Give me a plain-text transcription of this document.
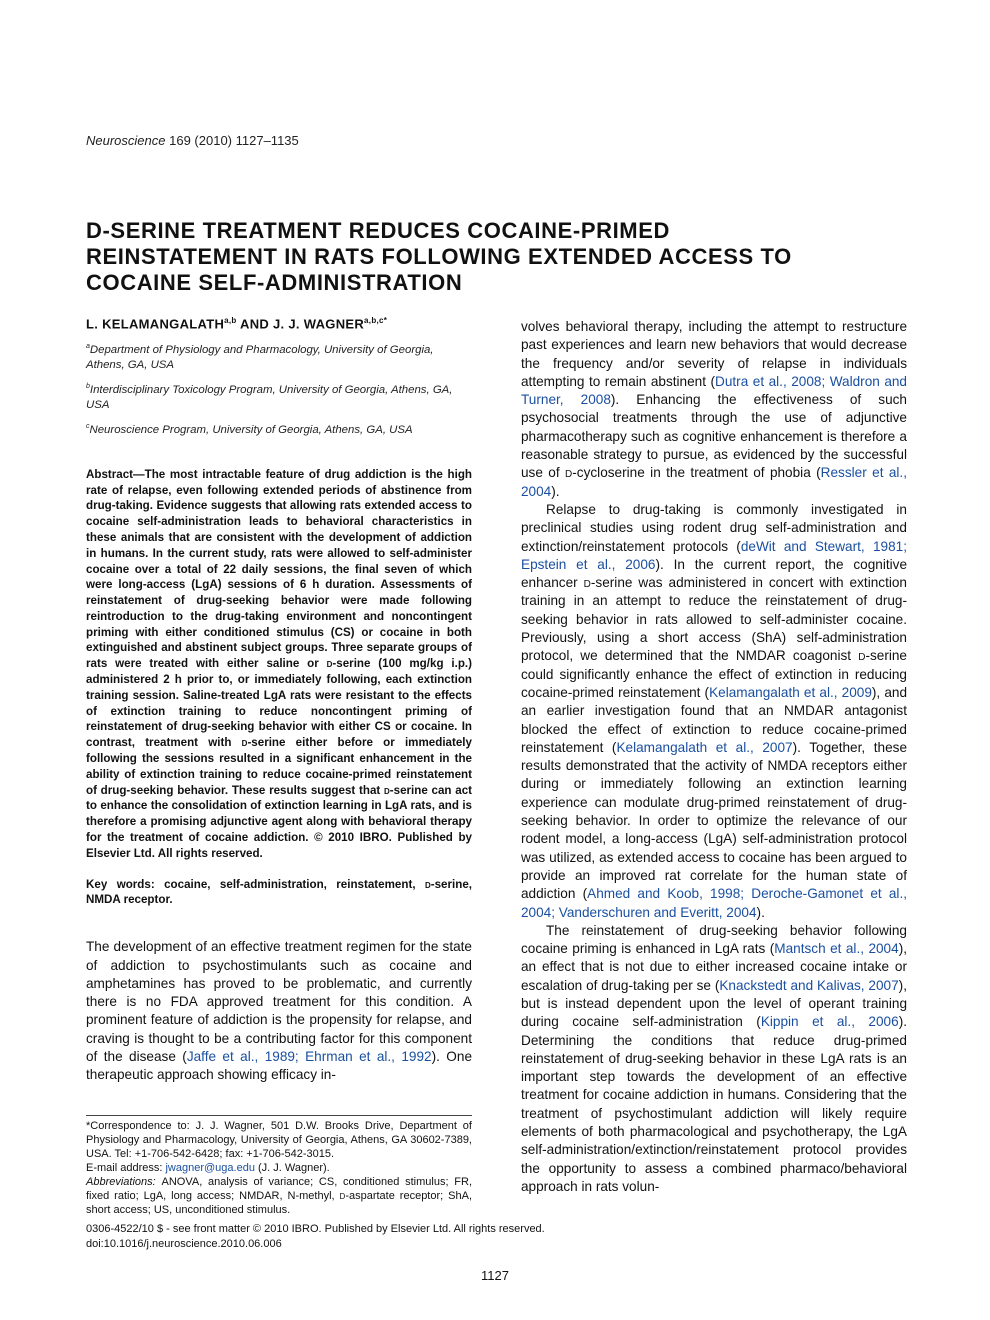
Neuroscience 169 (2010) 1127–1135
D-SERINE TREATMENT REDUCES COCAINE-PRIMED REINSTATEMENT IN RATS FOLLOWING EXTENDED ACCESS TO COCAINE SELF-ADMINISTRATION
L. KELAMANGALATH$^{a,b}$ AND J. J. $WAGNER^{a,b,c*}$

$^a$Department of Physiology and Pharmacology, University of Georgia, Athens, GA, USA

$^b$Interdisciplinary Toxicology Program, University of Georgia, Athens, GA, USA

$^c$Neuroscience Program, University of Georgia, Athens, GA, USA

Abstract—The most intractable feature of drug addiction is the high rate of relapse, even following extended periods of abstinence from drug-taking. Evidence suggests that allowing rats extended access to cocaine self-administration leads to behavioral characteristics in these animals that are consistent with the development of addiction in humans. In the current study, rats were allowed to self-administer cocaine over a total of 22 daily sessions, the final seven of which were long-access (LgA) sessions of 6 h duration. Assessments of reinstatement of drug-seeking behavior were made following reintroduction to the drug-taking environment and noncontingent priming with either conditioned stimulus (CS) or cocaine in both extinguished and abstinent subject groups. Three separate groups of rats were treated with either saline or d-serine (100 mg/kg i.p.) administered 2 h prior to, or immediately following, each extinction training session. Saline-treated LgA rats were resistant to the effects of extinction training to reduce noncontingent priming of reinstatement of drug-seeking behavior with either CS or cocaine. In contrast, treatment with d-serine either before or immediately following the sessions resulted in a significant enhancement in the ability of extinction training to reduce cocaine-primed reinstatement of drug-seeking behavior. These results suggest that d-serine can act to enhance the consolidation of extinction learning in LgA rats, and is therefore a promising adjunctive agent along with behavioral therapy for the treatment of cocaine addiction. © 2010 IBRO. Published by Elsevier Ltd. All rights reserved.
Key words: cocaine, self-administration, reinstatement, d-serine, NMDA receptor.
The development of an effective treatment regimen for the state of addiction to psychostimulants such as cocaine and amphetamines has proved to be problematic, and currently there is no FDA approved treatment for this condition. A prominent feature of addiction is the propensity for relapse, and craving is thought to be a contributing factor for this component of the disease (Jaffe et al., 1989; Ehrman et al., 1992). One therapeutic approach showing efficacy in-

*Correspondence to: J. J. Wagner, 501 D.W. Brooks Drive, Department of Physiology and Pharmacology, University of Georgia, Athens, GA 30602-7389, USA. Tel: +1-706-542-6428; fax: +1-706-542-3015.
E-mail address: jwagner@uga.edu (J. J. Wagner).

Abbreviations: ANOVA, analysis of variance; CS, conditioned stimulus; FR, fixed ratio; LgA, long access; NMDAR, N-methyl, d-aspartate receptor; ShA, short access; US, unconditioned stimulus.

volves behavioral therapy, including the attempt to restructure past experiences and learn new behaviors that would decrease the frequency and/or severity of relapse in individuals attempting to remain abstinent (Dutra et al., 2008; Waldron and Turner, 2008). Enhancing the effectiveness of such psychosocial treatments through the use of adjunctive pharmacotherapy such as cognitive enhancement is therefore a reasonable strategy to pursue, as evidenced by the successful use of d-cycloserine in the treatment of phobia (Ressler et al., 2004).

Relapse to drug-taking is commonly investigated in preclinical studies using rodent drug self-administration and extinction/reinstatement protocols (deWit and Stewart, 1981; Epstein et al., 2006). In the current report, the cognitive enhancer d-serine was administered in concert with extinction training in an attempt to reduce the reinstatement of drug-seeking behavior in rats allowed to self-administer cocaine. Previously, using a short access (ShA) self-administration protocol, we determined that the NMDAR coagonist d-serine could significantly enhance the effect of extinction in reducing cocaine-primed reinstatement (Kelamangalath et al., 2009), and an earlier investigation found that an NMDAR antagonist blocked the effect of extinction to reduce cocaine-primed reinstatement (Kelamangalath et al., 2007). Together, these results demonstrated that the activity of NMDA receptors either during or immediately following an extinction learning experience can modulate drug-primed reinstatement of drug-seeking behavior. In order to optimize the relevance of our rodent model, a long-access (LgA) self-administration protocol was utilized, as extended access to cocaine has been argued to provide an improved rat correlate for the human state of addiction (Ahmed and Koob, 1998; Deroche-Gamonet et al., 2004; Vanderschuren and Everitt, 2004).

The reinstatement of drug-seeking behavior following cocaine priming is enhanced in LgA rats (Mantsch et al., 2004), an effect that is not due to either increased cocaine intake or escalation of drug-taking per se (Knackstedt and Kalivas, 2007), but is instead dependent upon the level of operant training during cocaine self-administration (Kippin et al., 2006). Determining the conditions that reduce drug-primed reinstatement of drug-seeking behavior in these LgA rats is an important step towards the development of an effective treatment for cocaine addiction in humans. Considering that the treatment of psychostimulant addiction will likely require elements of both pharmacological and psychotherapy, the LgA self-administration/extinction/reinstatement protocol provides the opportunity to assess a combined pharmaco/behavioral approach in rats volun-

0306-4522/10 $ - see front matter © 2010 IBRO. Published by Elsevier Ltd. All rights reserved.

doi:10.1016/j.neuroscience.2010.06.006

1127
